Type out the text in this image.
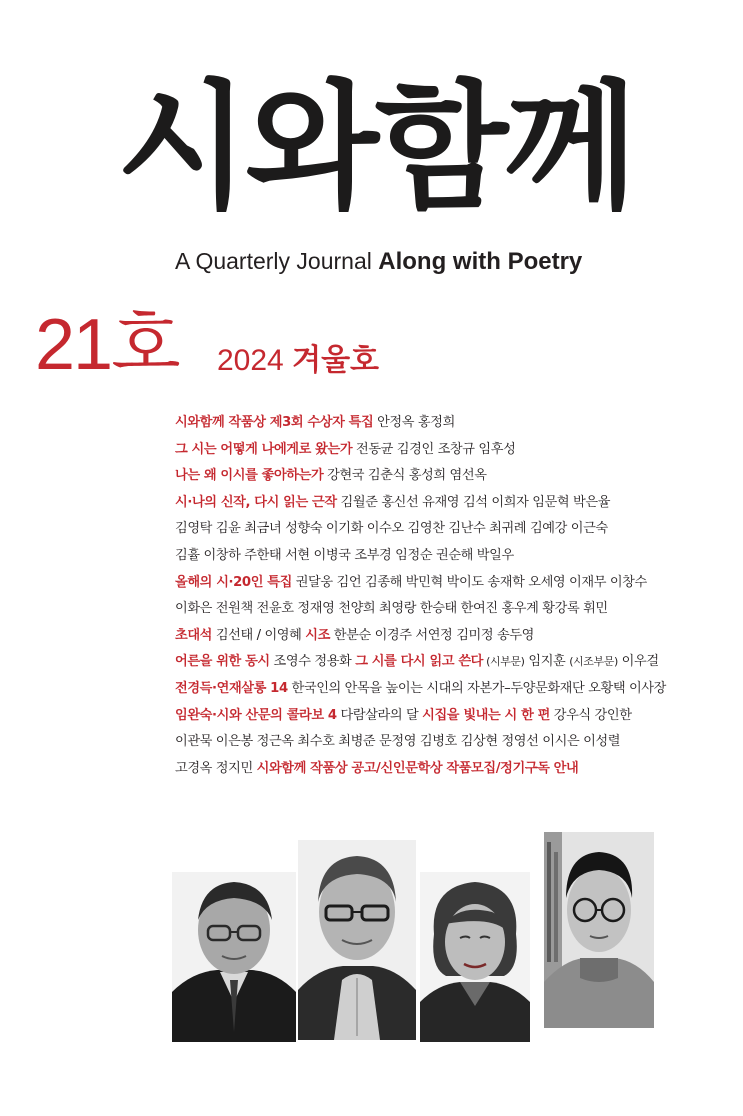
시와함께
A Quarterly Journal Along with Poetry
21호 2024 겨울호
시와함께 작품상 제3회 수상자 특집 안정옥 홍정희
그 시는 어떻게 나에게로 왔는가 전동균 김경인 조창규 임후성
나는 왜 이시를 좋아하는가 강현국 김춘식 홍성희 염선옥
시·나의 신작, 다시 읽는 근작 김월준 홍신선 유재영 김석 이희자 임문혁 박은율
김영탁 김윤 최금녀 성향숙 이기화 이수오 김영찬 김난수 최귀례 김예강 이근숙
김휼 이창하 주한태 서현 이병국 조부경 임정순 권순해 박일우
올해의 시·20인 특집 권달웅 김언 김종해 박민혁 박이도 송재학 오세영 이재무 이창수
이화은 전원책 전윤호 정재영 천양희 최영랑 한승태 한여진 홍우계 황강록 휘민
초대석 김선태 / 이영혜 시조 한분순 이경주 서연정 김미정 송두영
어른을 위한 동시 조영수 정용화 그 시를 다시 읽고 쓴다 (시부문) 임지훈 (시조부문) 이우걸
전경득·연재살롱 14 한국인의 안목을 높이는 시대의 자본가–두양문화재단 오황택 이사장
임완숙·시와 산문의 콜라보 4 다람살라의 달 시집을 빛내는 시 한 편 강우식 강인한
이관묵 이은봉 정근옥 최수호 최병준 문정영 김병호 김상현 정영선 이시은 이성렬
고경옥 정지민 시와함께 작품상 공고/신인문학상 작품모집/정기구독 안내
